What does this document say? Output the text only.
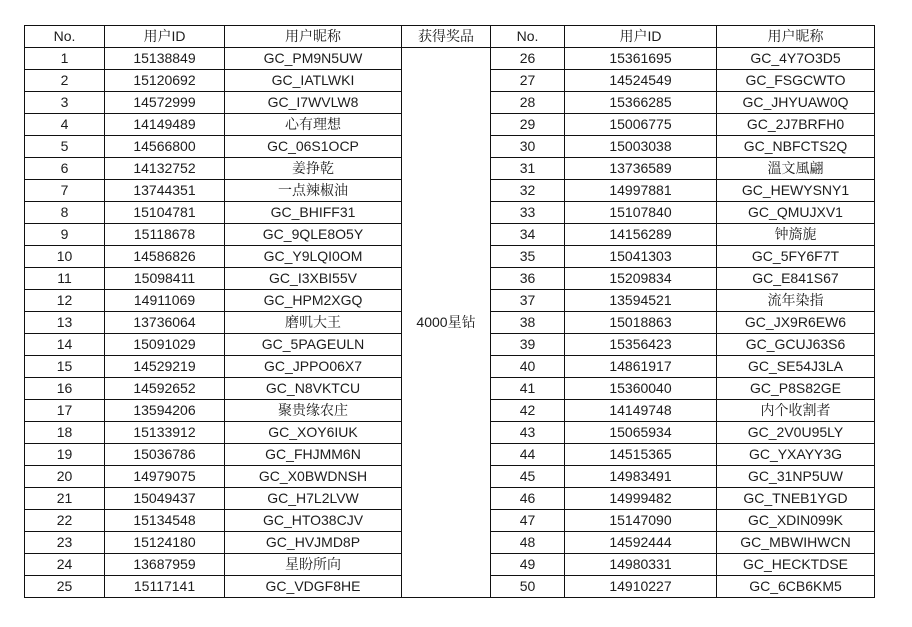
No.	用户ID	用户昵称	获得奖品	No.	用户ID	用户昵称
1	15138849	GC_PM9N5UW	4000星钻	26	15361695	GC_4Y7O3D5
2	15120692	GC_IATLWKI		27	14524549	GC_FSGCWTO
3	14572999	GC_I7WVLW8		28	15366285	GC_JHYUAW0Q
4	14149489	心有理想		29	15006775	GC_2J7BRFH0
5	14566800	GC_06S1OCP		30	15003038	GC_NBFCTS2Q
6	14132752	姜挣乾		31	13736589	溫文風翩
7	13744351	一点辣椒油		32	14997881	GC_HEWYSNY1
8	15104781	GC_BHIFF31		33	15107840	GC_QMUJXV1
9	15118678	GC_9QLE8O5Y		34	14156289	钟旖旎
10	14586826	GC_Y9LQI0OM		35	15041303	GC_5FY6F7T
11	15098411	GC_I3XBI55V		36	15209834	GC_E841S67
12	14911069	GC_HPM2XGQ		37	13594521	流年染指
13	13736064	磨叽大王		38	15018863	GC_JX9R6EW6
14	15091029	GC_5PAGEULN		39	15356423	GC_GCUJ63S6
15	14529219	GC_JPPO06X7		40	14861917	GC_SE54J3LA
16	14592652	GC_N8VKTCU		41	15360040	GC_P8S82GE
17	13594206	聚贵缘农庄		42	14149748	内个收割者
18	15133912	GC_XOY6IUK		43	15065934	GC_2V0U95LY
19	15036786	GC_FHJMM6N		44	14515365	GC_YXAYY3G
20	14979075	GC_X0BWDNSH		45	14983491	GC_31NP5UW
21	15049437	GC_H7L2LVW		46	14999482	GC_TNEB1YGD
22	15134548	GC_HTO38CJV		47	15147090	GC_XDIN099K
23	15124180	GC_HVJMD8P		48	14592444	GC_MBWIHWCN
24	13687959	星盼所向		49	14980331	GC_HECKTDSE
25	15117141	GC_VDGF8HE		50	14910227	GC_6CB6KM5
